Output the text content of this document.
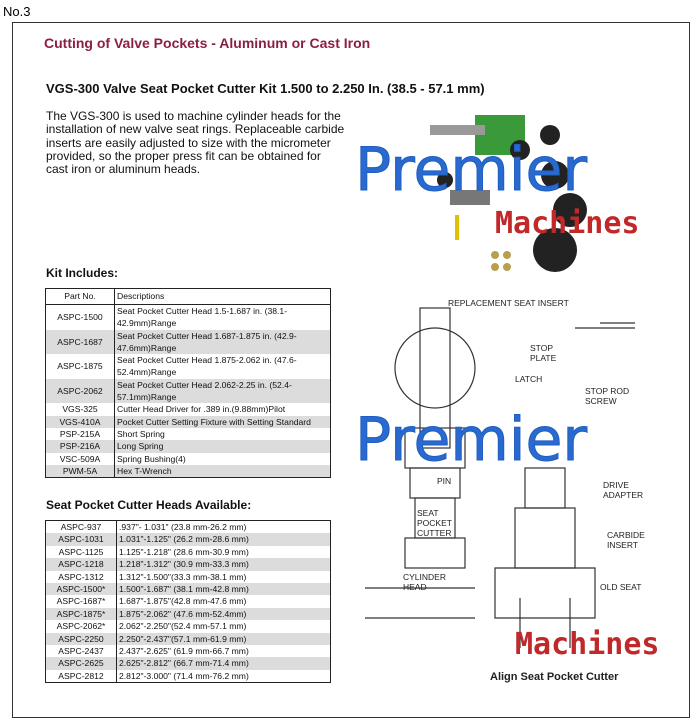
No.3
Cutting of Valve Pockets - Aluminum or Cast Iron
VGS-300 Valve Seat Pocket Cutter Kit 1.500 to 2.250 In. (38.5 - 57.1 mm)
The VGS-300 is used to machine cylinder heads for the installation of new valve seat rings. Replaceable carbide inserts are easily adjusted to size with the micrometer provided, so the proper press fit can be obtained for cast iron or aluminum heads.
Kit Includes:
Part No.	Descriptions
ASPC-1500	Seat Pocket Cutter Head 1.5-1.687 in. (38.1-42.9mm)Range
ASPC-1687	Seat Pocket Cutter Head 1.687-1.875 in. (42.9-47.6mm)Range
ASPC-1875	Seat Pocket Cutter Head 1.875-2.062 in. (47.6-52.4mm)Range
ASPC-2062	Seat Pocket Cutter Head 2.062-2.25 in. (52.4-57.1mm)Range
VGS-325	Cutter Head Driver for .389 in.(9.88mm)Pilot
VGS-410A	Pocket Cutter Setting Fixture with Setting Standard
PSP-215A	Short Spring
PSP-216A	Long Spring
VSC-509A	Spring Bushing(4)
PWM-5A	Hex T-Wrench
Seat Pocket Cutter Heads Available:
ASPC-937	.937"- 1.031" (23.8 mm-26.2 mm)
ASPC-1031	1.031"-1.125" (26.2 mm-28.6 mm)
ASPC-1125	1.125"-1.218" (28.6 mm-30.9 mm)
ASPC-1218	1.218"-1.312" (30.9 mm-33.3 mm)
ASPC-1312	1.312"-1.500"(33.3 mm-38.1 mm)
ASPC-1500*	1.500"-1.687" (38.1 mm-42.8 mm)
ASPC-1687*	1.687"-1.875"(42.8 mm-47.6 mm)
ASPC-1875*	1.875"-2.062" (47.6 mm-52.4mm)
ASPC-2062*	2.062"-2.250"(52.4 mm-57.1 mm)
ASPC-2250	2.250"-2.437"(57.1 mm-61.9 mm)
ASPC-2437	2.437"-2.625" (61.9 mm-66.7 mm)
ASPC-2625	2.625"-2.812" (66.7 mm-71.4 mm)
ASPC-2812	2.812"-3.000" (71.4 mm-76.2 mm)
Premier
Machines
REPLACEMENT SEAT INSERT
STOP PLATE
LATCH
STOP ROD SCREW
PIN	DRIVE ADAPTER
SEAT POCKET CUTTER	CARBIDE INSERT
CYLINDER HEAD	OLD SEAT
Align Seat Pocket Cutter
Premier
Machines
